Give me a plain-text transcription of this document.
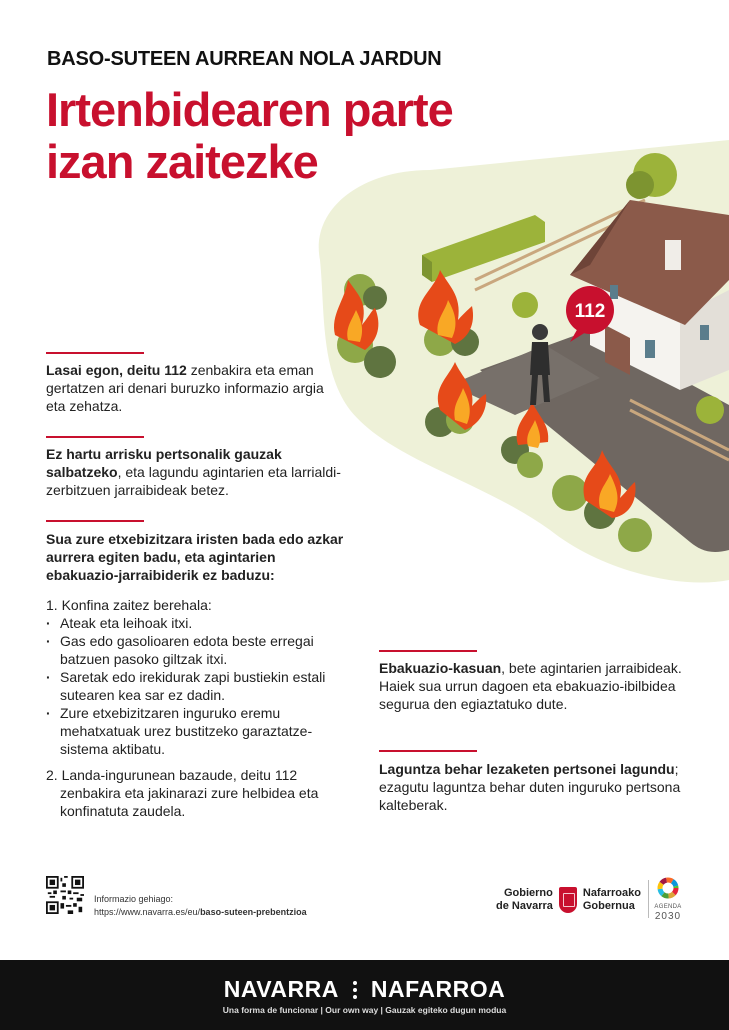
BASO-SUTEEN AURREAN NOLA JARDUN
Irtenbidearen parte
izan zaitezke
112
Lasai egon, deitu 112 zenbakira eta eman gertatzen ari denari buruzko informazio argia eta zehatza.
Ez hartu arrisku pertsonalik gauzak salbatzeko, eta lagundu agintarien eta larrialdi-zerbitzuen jarraibideak betez.
Sua zure etxebizitzara iristen bada edo azkar aurrera egiten badu, eta agintarien ebakuazio-jarraibiderik ez baduzu:
1. Konfina zaitez berehala:
· Ateak eta leihoak itxi.
· Gas edo gasolioaren edota beste erregai batzuen pasoko giltzak itxi.
· Saretak edo irekidurak zapi bustiekin estali sutearen kea sar ez dadin.
· Zure etxebizitzaren inguruko eremu mehatxatuak urez bustitzeko garaztatze-sistema aktibatu.
2. Landa-ingurunean bazaude, deitu 112 zenbakira eta jakinarazi zure helbidea eta konfinatuta zaudela.
Ebakuazio-kasuan, bete agintarien jarraibideak. Haiek sua urrun dagoen eta ebakuazio-ibilbidea segurua den egiaztatuko dute.
Laguntza behar lezaketen pertsonei lagundu; ezagutu laguntza behar duten inguruko pertsona kalteberak.
Informazio gehiago:
https://www.navarra.es/eu/baso-suteen-prebentzioa
Gobierno
de Navarra
Nafarroako
Gobernua	AGENDA
2030
NAVARRA NAFARROA
Una forma de funcionar | Our own way | Gauzak egiteko dugun modua
